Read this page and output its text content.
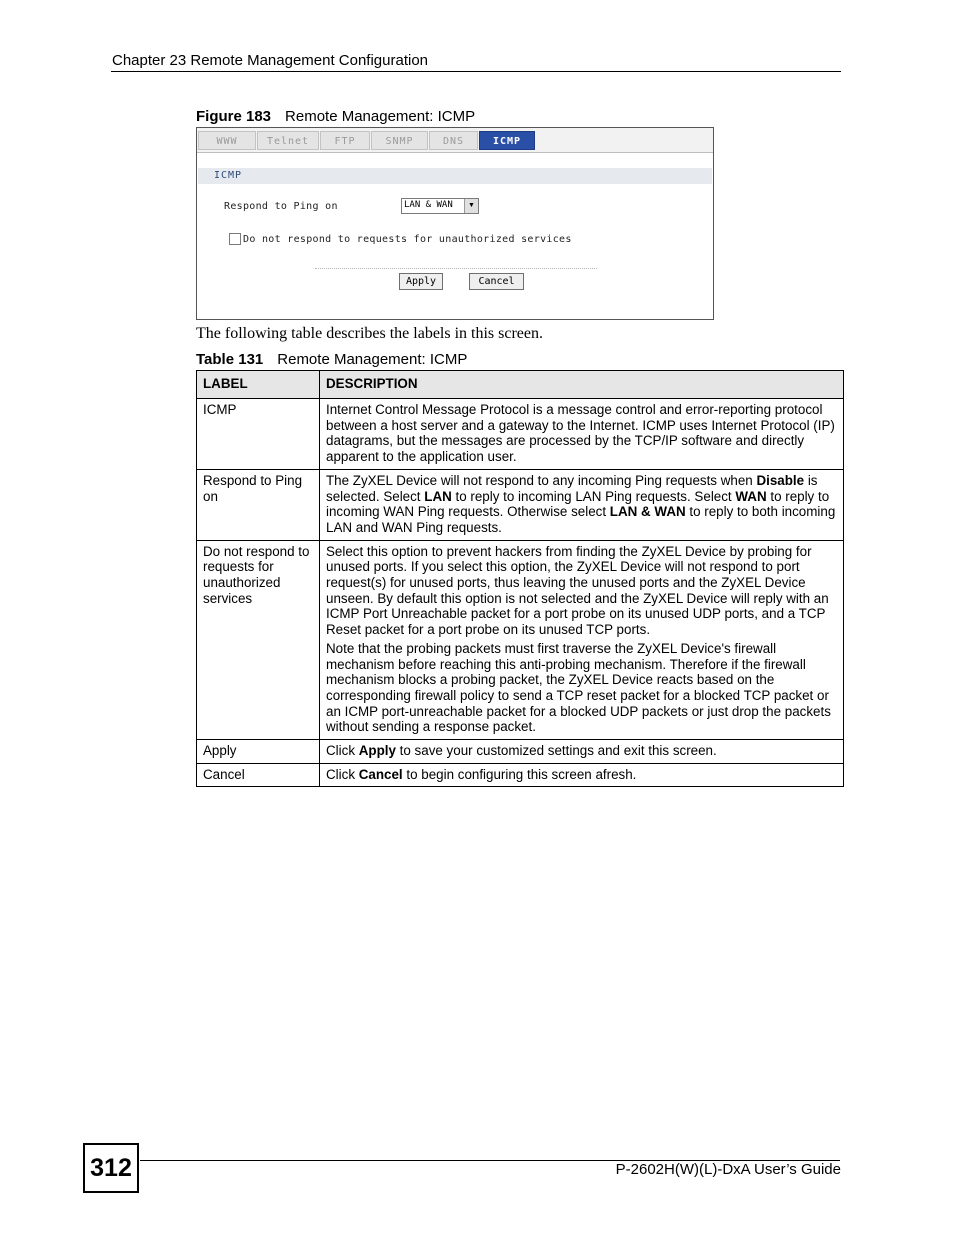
Chapter 23 Remote Management Configuration
Figure 183 Remote Management: ICMP
WWW	Telnet	FTP	SNMP	DNS	ICMP
ICMP
Respond to Ping on	LAN & WAN	▼
Do not respond to requests for unauthorized services
Apply	Cancel
The following table describes the labels in this screen.
Table 131 Remote Management: ICMP
LABEL	DESCRIPTION
ICMP	Internet Control Message Protocol is a message control and error-reporting protocol between a host server and a gateway to the Internet. ICMP uses Internet Protocol (IP) datagrams, but the messages are processed by the TCP/IP software and directly apparent to the application user.
Respond to Ping on	The ZyXEL Device will not respond to any incoming Ping requests when Disable is selected. Select LAN to reply to incoming LAN Ping requests. Select WAN to reply to incoming WAN Ping requests. Otherwise select LAN & WAN to reply to both incoming LAN and WAN Ping requests.
Do not respond to requests for unauthorized services	Select this option to prevent hackers from finding the ZyXEL Device by probing for unused ports. If you select this option, the ZyXEL Device will not respond to port request(s) for unused ports, thus leaving the unused ports and the ZyXEL Device unseen. By default this option is not selected and the ZyXEL Device will reply with an ICMP Port Unreachable packet for a port probe on its unused UDP ports, and a TCP Reset packet for a port probe on its unused TCP ports.

Note that the probing packets must first traverse the ZyXEL Device's firewall mechanism before reaching this anti-probing mechanism. Therefore if the firewall mechanism blocks a probing packet, the ZyXEL Device reacts based on the corresponding firewall policy to send a TCP reset packet for a blocked TCP packet or an ICMP port-unreachable packet for a blocked UDP packets or just drop the packets without sending a response packet.

Apply	Click Apply to save your customized settings and exit this screen.
Cancel	Click Cancel to begin configuring this screen afresh.
312	P-2602H(W)(L)-DxA User’s Guide
